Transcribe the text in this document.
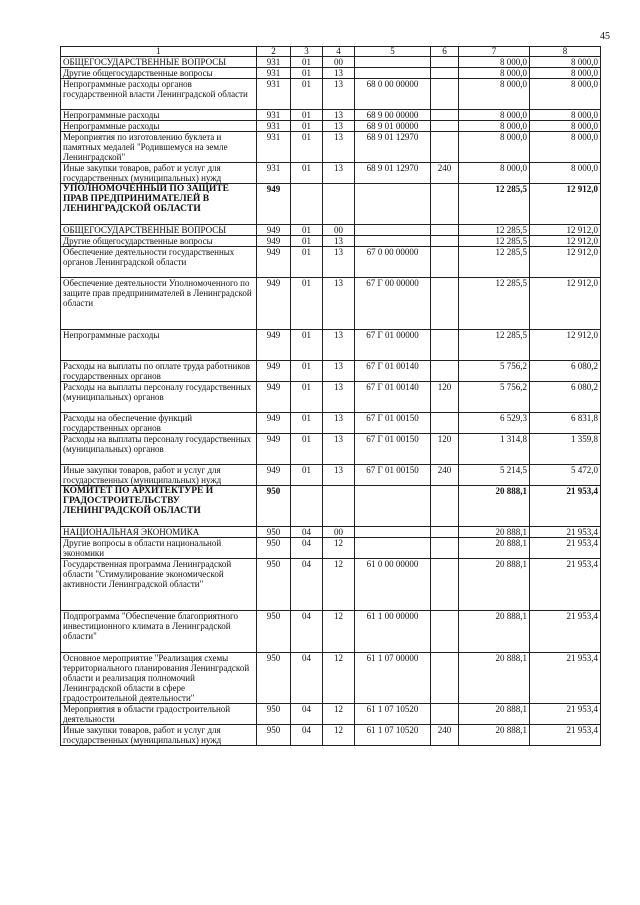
45
1	2	3	4	5	6	7	8
ОБЩЕГОСУДАРСТВЕННЫЕ ВОПРОСЫ	931	01	00			8 000,0	8 000,0
Другие общегосударственные вопросы	931	01	13			8 000,0	8 000,0
Непрограммные расходы органов государственной власти Ленинградской области	931	01	13	68 0 00 00000		8 000,0	8 000,0
Непрограммные расходы	931	01	13	68 9 00 00000		8 000,0	8 000,0
Непрограммные расходы	931	01	13	68 9 01 00000		8 000,0	8 000,0
Мероприятия по изготовлению буклета и памятных медалей "Родившемуся на земле Ленинградской"	931	01	13	68 9 01 12970		8 000,0	8 000,0
Иные закупки товаров, работ и услуг для государственных (муниципальных) нужд	931	01	13	68 9 01 12970	240	8 000,0	8 000,0
УПОЛНОМОЧЕННЫЙ ПО ЗАЩИТЕ ПРАВ ПРЕДПРИНИМАТЕЛЕЙ В ЛЕНИНГРАДСКОЙ ОБЛАСТИ	949					12 285,5	12 912,0
ОБЩЕГОСУДАРСТВЕННЫЕ ВОПРОСЫ	949	01	00			12 285,5	12 912,0
Другие общегосударственные вопросы	949	01	13			12 285,5	12 912,0
Обеспечение деятельности государственных органов Ленинградской области	949	01	13	67 0 00 00000		12 285,5	12 912,0
Обеспечение деятельности Уполномоченного по защите прав предпринимателей в Ленинградской области	949	01	13	67 Г 00 00000		12 285,5	12 912,0
Непрограммные расходы	949	01	13	67 Г 01 00000		12 285,5	12 912,0
Расходы на выплаты по оплате труда работников государственных органов	949	01	13	67 Г 01 00140		5 756,2	6 080,2
Расходы на выплаты персоналу государственных (муниципальных) органов	949	01	13	67 Г 01 00140	120	5 756,2	6 080,2
Расходы на обеспечение функций государственных органов	949	01	13	67 Г 01 00150		6 529,3	6 831,8
Расходы на выплаты персоналу государственных (муниципальных) органов	949	01	13	67 Г 01 00150	120	1 314,8	1 359,8
Иные закупки товаров, работ и услуг для государственных (муниципальных) нужд	949	01	13	67 Г 01 00150	240	5 214,5	5 472,0
КОМИТЕТ ПО АРХИТЕКТУРЕ И ГРАДОСТРОИТЕЛЬСТВУ ЛЕНИНГРАДСКОЙ ОБЛАСТИ	950					20 888,1	21 953,4
НАЦИОНАЛЬНАЯ ЭКОНОМИКА	950	04	00			20 888,1	21 953,4
Другие вопросы в области национальной экономики	950	04	12			20 888,1	21 953,4
Государственная программа Ленинградской области "Стимулирование экономической активности Ленинградской области"	950	04	12	61 0 00 00000		20 888,1	21 953,4
Подпрограмма "Обеспечение благоприятного инвестиционного климата в Ленинградской области"	950	04	12	61 1 00 00000		20 888,1	21 953,4
Основное мероприятие "Реализация схемы территориального планирования Ленинградской области и реализация полномочий Ленинградской области в сфере градостроительной деятельности"	950	04	12	61 1 07 00000		20 888,1	21 953,4
Мероприятия в области градостроительной деятельности	950	04	12	61 1 07 10520		20 888,1	21 953,4
Иные закупки товаров, работ и услуг для государственных (муниципальных) нужд	950	04	12	61 1 07 10520	240	20 888,1	21 953,4
